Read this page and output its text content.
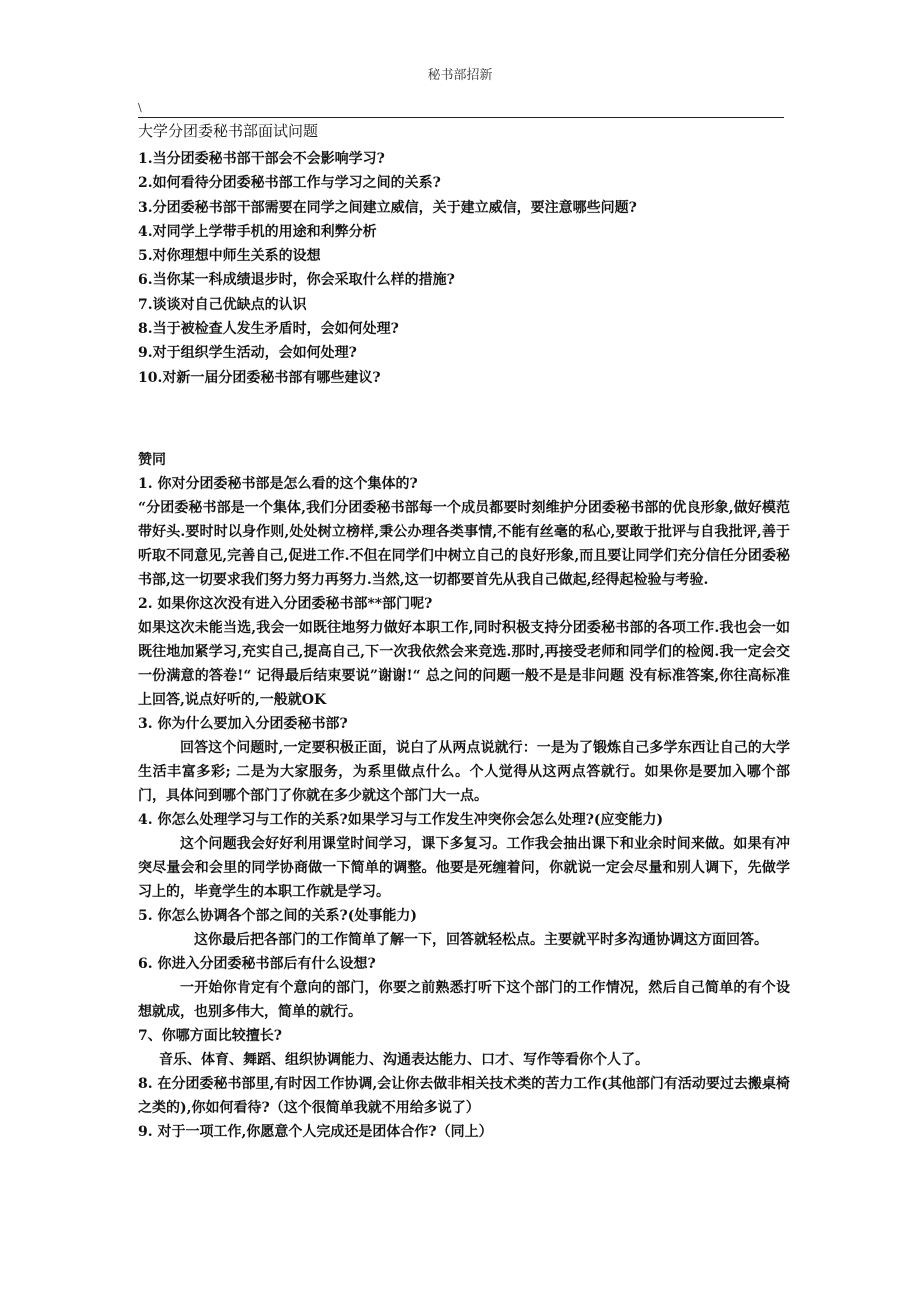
秘书部招新
\
大学分团委秘书部面试问题
1.当分团委秘书部干部会不会影响学习?
2.如何看待分团委秘书部工作与学习之间的关系?
3.分团委秘书部干部需要在同学之间建立威信，关于建立威信，要注意哪些问题?
4.对同学上学带手机的用途和利弊分析
5.对你理想中师生关系的设想
6.当你某一科成绩退步时，你会采取什么样的措施?
7.谈谈对自己优缺点的认识
8.当于被检查人发生矛盾时，会如何处理?
9.对于组织学生活动，会如何处理?
10.对新一届分团委秘书部有哪些建议?
赞同

1. 你对分团委秘书部是怎么看的这个集体的?

“分团委秘书部是一个集体,我们分团委秘书部每一个成员都要时刻维护分团委秘书部的优良形象,做好模范带好头.要时时以身作则,处处树立榜样,秉公办理各类事情,不能有丝毫的私心,要敢于批评与自我批评,善于听取不同意见,完善自己,促进工作.不但在同学们中树立自己的良好形象,而且要让同学们充分信任分团委秘书部,这一切要求我们努力努力再努力.当然,这一切都要首先从我自己做起,经得起检验与考验.

2. 如果你这次没有进入分团委秘书部**部门呢?

如果这次未能当选,我会一如既往地努力做好本职工作,同时积极支持分团委秘书部的各项工作.我也会一如既往地加紧学习,充实自己,提高自己,下一次我依然会来竞选.那时,再接受老师和同学们的检阅.我一定会交一份满意的答卷!“ 记得最后结束要说”谢谢!“ 总之问的问题一般不是是非问题 没有标准答案,你往高标准上回答,说点好听的,一般就OK

3. 你为什么要加入分团委秘书部?

回答这个问题时,一定要积极正面，说白了从两点说就行：一是为了锻炼自己多学东西让自己的大学生活丰富多彩; 二是为大家服务，为系里做点什么。个人觉得从这两点答就行。如果你是要加入哪个部门，具体问到哪个部门了你就在多少就这个部门大一点。

4. 你怎么处理学习与工作的关系?如果学习与工作发生冲突你会怎么处理?(应变能力)

这个问题我会好好利用课堂时间学习，课下多复习。工作我会抽出课下和业余时间来做。如果有冲突尽量会和会里的同学协商做一下简单的调整。他要是死缠着问，你就说一定会尽量和别人调下，先做学习上的，毕竟学生的本职工作就是学习。

5. 你怎么协调各个部之间的关系?(处事能力)

这你最后把各部门的工作简单了解一下，回答就轻松点。主要就平时多沟通协调这方面回答。

6. 你进入分团委秘书部后有什么设想?

一开始你肯定有个意向的部门，你要之前熟悉打听下这个部门的工作情况，然后自己简单的有个设想就成，也别多伟大，简单的就行。

7、你哪方面比较擅长?

音乐、体育、舞蹈、组织协调能力、沟通表达能力、口才、写作等看你个人了。

8. 在分团委秘书部里,有时因工作协调,会让你去做非相关技术类的苦力工作(其他部门有活动要过去搬桌椅之类的),你如何看待?（这个很简单我就不用给多说了）

9. 对于一项工作,你愿意个人完成还是团体合作?（同上）
